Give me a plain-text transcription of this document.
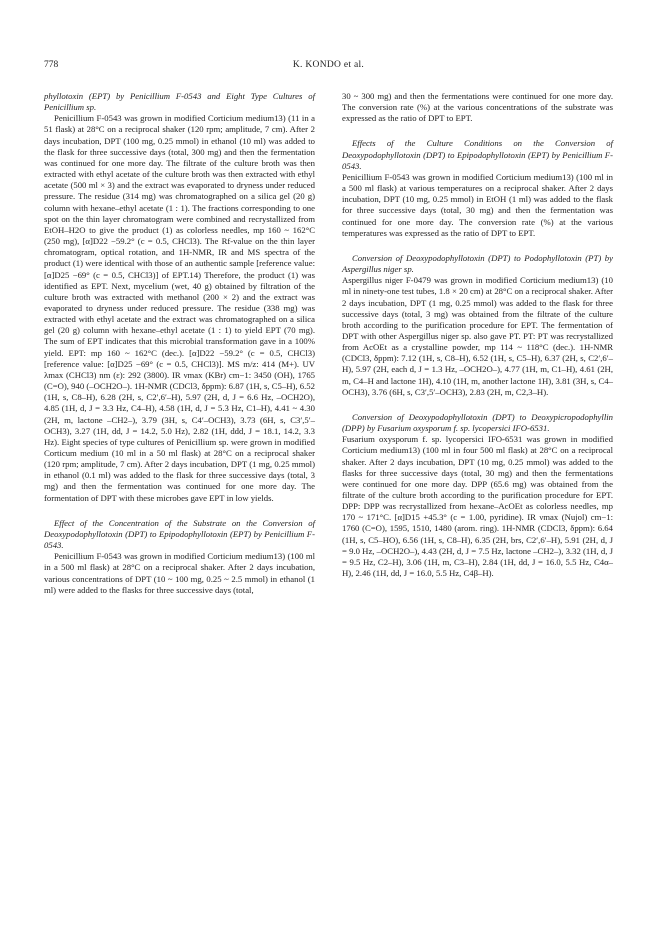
778	K. KONDO et al.

phyllotoxin (EPT) by Penicillium F-0543 and Eight Type Cultures of Penicillium sp.

Penicillium F-0543 was grown in modified Corticium medium13) (11 in a 51 flask) at 28°C on a reciprocal shaker (120 rpm; amplitude, 7 cm). After 2 days incubation, DPT (100 mg, 0.25 mmol) in ethanol (10 ml) was added to the flask for three successive days (total, 300 mg) and then the fermentation was continued for one more day. The filtrate of the culture broth was then extracted with ethyl acetate of the culture broth was then extracted with ethyl acetate (500 ml × 3) and the extract was evaporated to dryness under reduced pressure. The residue (314 mg) was chromatographed on a silica gel (20 g) column with hexane–ethyl acetate (1 : 1). The fractions corresponding to one spot on the thin layer chromatogram were combined and recrystallized from EtOH–H2O to give the product (1) as colorless needles, mp 160 ~ 162°C (250 mg), [α]D22 −59.2° (c = 0.5, CHCl3). The Rf-value on the thin layer chromatogram, optical rotation, and 1H-NMR, IR and MS spectra of the product (1) were identical with those of an authentic sample [reference value: [α]D25 −69° (c = 0.5, CHCl3)] of EPT.14) Therefore, the product (1) was identified as EPT. Next, mycelium (wet, 40 g) obtained by filtration of the culture broth was extracted with methanol (200 × 2) and the extract was evaporated to dryness under reduced pressure. The residue (338 mg) was extracted with ethyl acetate and the extract was chromatographed on a silica gel (20 g) column with hexane–ethyl acetate (1 : 1) to yield EPT (70 mg). The sum of EPT indicates that this microbial transformation gave in a 100% yield. EPT: mp 160 ~ 162°C (dec.). [α]D22 −59.2° (c = 0.5, CHCl3) [reference value: [α]D25 −69° (c = 0.5, CHCl3)]. MS m/z: 414 (M+). UV λmax (CHCl3) nm (ε): 292 (3800). IR νmax (KBr) cm−1: 3450 (OH), 1765 (C=O), 940 (–OCH2O–). 1H-NMR (CDCl3, δppm): 6.87 (1H, s, C5–H), 6.52 (1H, s, C8–H), 6.28 (2H, s, C2′,6′–H), 5.97 (2H, d, J = 6.6 Hz, –OCH2O), 4.85 (1H, d, J = 3.3 Hz, C4–H), 4.58 (1H, d, J = 5.3 Hz, C1–H), 4.41 ~ 4.30 (2H, m, lactone –CH2–), 3.79 (3H, s, C4′–OCH3), 3.73 (6H, s, C3′,5′–OCH3), 3.27 (1H, dd, J = 14.2, 5.0 Hz), 2.82 (1H, ddd, J = 18.1, 14.2, 3.3 Hz). Eight species of type cultures of Penicillium sp. were grown in modified Corticum medium (10 ml in a 50 ml flask) at 28°C on a reciprocal shaker (120 rpm; amplitude, 7 cm). After 2 days incubation, DPT (1 mg, 0.25 mmol) in ethanol (0.1 ml) was added to the flask for three successive days (total, 3 mg) and then the fermentation was continued for one more day. The formentation of DPT with these microbes gave EPT in low yields.

Effect of the Concentration of the Substrate on the Conversion of Deoxypodophyllotoxin (DPT) to Epipodophyllotoxin (EPT) by Penicillium F-0543.

Penicillium F-0543 was grown in modified Corticium medium13) (100 ml in a 500 ml flask) at 28°C on a reciprocal shaker. After 2 days incubation, various concentrations of DPT (10 ~ 100 mg, 0.25 ~ 2.5 mmol) in ethanol (1 ml) were added to the flasks for three successive days (total,

30 ~ 300 mg) and then the fermentations were continued for one more day. The conversion rate (%) at the various concentrations of the substrate was expressed as the ratio of DPT to EPT.

Effects of the Culture Conditions on the Conversion of Deoxypodophyllotoxin (DPT) to Epipodophyllotoxin (EPT) by Penicillium F-0543.

Penicillium F-0543 was grown in modified Corticium medium13) (100 ml in a 500 ml flask) at various temperatures on a reciprocal shaker. After 2 days incubation, DPT (10 mg, 0.25 mmol) in EtOH (1 ml) was added to the flask for three successive days (total, 30 mg) and then the fermentation was continued for one more day. The conversion rate (%) at the various temperatures was expressed as the ratio of DPT to EPT.

Conversion of Deoxypodophyllotoxin (DPT) to Podophyllotoxin (PT) by Aspergillus niger sp.

Aspergillus niger F-0479 was grown in modified Corticium medium13) (10 ml in ninety-one test tubes, 1.8 × 20 cm) at 28°C on a reciprocal shaker. After 2 days incubation, DPT (1 mg, 0.25 mmol) was added to the flask for three successive days (total, 3 mg) was obtained from the filtrate of the culture broth according to the purification procedure for EPT. The fermentation of DPT with other Aspergillus niger sp. also gave PT. PT: PT was recrystallized from AcOEt as a crystalline powder, mp 114 ~ 118°C (dec.). 1H-NMR (CDCl3, δppm): 7.12 (1H, s, C8–H), 6.52 (1H, s, C5–H), 6.37 (2H, s, C2′,6′–H), 5.97 (2H, each d, J = 1.3 Hz, –OCH2O–), 4.77 (1H, m, C1–H), 4.61 (2H, m, C4–H and lactone 1H), 4.10 (1H, m, another lactone 1H), 3.81 (3H, s, C4–OCH3), 3.76 (6H, s, C3′,5′–OCH3), 2.83 (2H, m, C2,3–H).

Conversion of Deoxypodophyllotoxin (DPT) to Deoxypicropodophyllin (DPP) by Fusarium oxysporum f. sp. lycopersici IFO-6531.

Fusarium oxysporum f. sp. lycopersici IFO-6531 was grown in modified Corticium medium13) (100 ml in four 500 ml flask) at 28°C on a reciprocal shaker. After 2 days incubation, DPT (10 mg, 0.25 mmol) was added to the flasks for three successive days (total, 30 mg) and then the fermentations were continued for one more day. DPP (65.6 mg) was obtained from the filtrate of the culture broth according to the purification procedure for EPT. DPP: DPP was recrystallized from hexane–AcOEt as colorless needles, mp 170 ~ 171°C. [α]D15 +45.3° (c = 1.00, pyridine). IR νmax (Nujol) cm−1: 1760 (C=O), 1595, 1510, 1480 (arom. ring). 1H-NMR (CDCl3, δppm): 6.64 (1H, s, C5–HO), 6.56 (1H, s, C8–H), 6.35 (2H, brs, C2′,6′–H), 5.91 (2H, d, J = 9.0 Hz, –OCH2O–), 4.43 (2H, d, J = 7.5 Hz, lactone –CH2–), 3.32 (1H, d, J = 9.5 Hz, C2–H), 3.06 (1H, m, C3–H), 2.84 (1H, dd, J = 16.0, 5.5 Hz, C4α–H), 2.46 (1H, dd, J = 16.0, 5.5 Hz, C4β–H).
